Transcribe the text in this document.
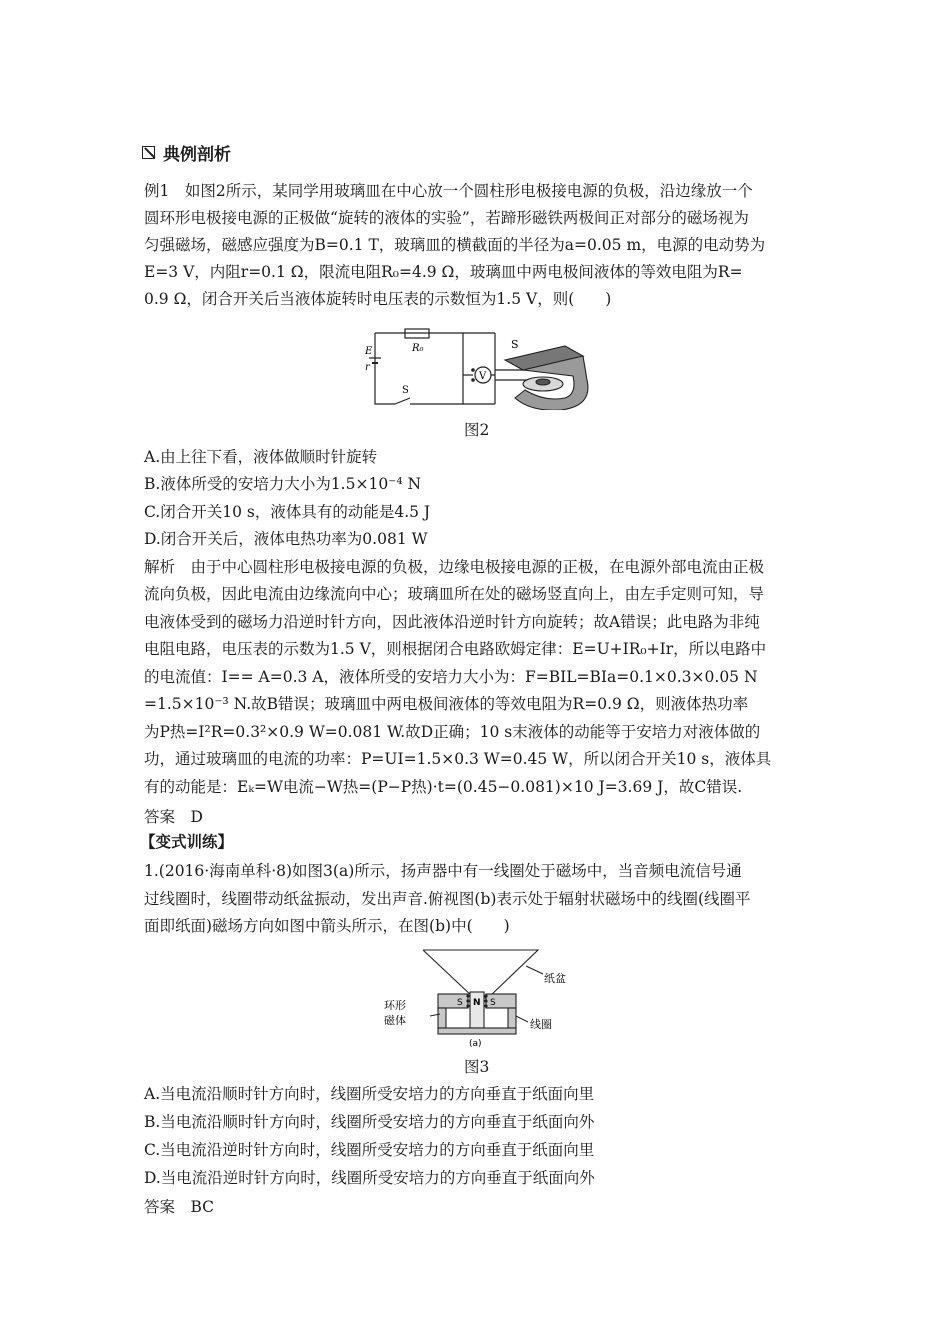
典例剖析
例1　如图2所示，某同学用玻璃皿在中心放一个圆柱形电极接电源的负极，沿边缘放一个
圆环形电极接电源的正极做“旋转的液体的实验”，若蹄形磁铁两极间正对部分的磁场视为
匀强磁场，磁感应强度为B=0.1 T，玻璃皿的横截面的半径为a=0.05 m，电源的电动势为
E=3 V，内阻r=0.1 Ω，限流电阻R₀=4.9 Ω，玻璃皿中两电极间液体的等效电阻为R=
0.9 Ω，闭合开关后当液体旋转时电压表的示数恒为1.5 V，则(　　)
E
r
R₀
V
S
S
图2
A.由上往下看，液体做顺时针旋转
B.液体所受的安培力大小为1.5×10⁻⁴ N
C.闭合开关10 s，液体具有的动能是4.5 J
D.闭合开关后，液体电热功率为0.081 W
解析　由于中心圆柱形电极接电源的负极，边缘电极接电源的正极，在电源外部电流由正极
流向负极，因此电流由边缘流向中心；玻璃皿所在处的磁场竖直向上，由左手定则可知，导
电液体受到的磁场力沿逆时针方向，因此液体沿逆时针方向旋转；故A错误；此电路为非纯
电阻电路，电压表的示数为1.5 V，则根据闭合电路欧姆定律：E=U+IR₀+Ir，所以电路中
的电流值：I== A=0.3 A，液体所受的安培力大小为：F=BIL=BIa=0.1×0.3×0.05 N
=1.5×10⁻³ N.故B错误；玻璃皿中两电极间液体的等效电阻为R=0.9 Ω，则液体热功率
为P热=I²R=0.3²×0.9 W=0.081 W.故D正确；10 s末液体的动能等于安培力对液体做的
功，通过玻璃皿的电流的功率：P=UI=1.5×0.3 W=0.45 W，所以闭合开关10 s，液体具
有的动能是：Eₖ=W电流−W热=(P−P热)·t=(0.45−0.081)×10 J=3.69 J，故C错误.
答案　D
【变式训练】
1.(2016·海南单科·8)如图3(a)所示，扬声器中有一线圈处于磁场中，当音频电流信号通
过线圈时，线圈带动纸盆振动，发出声音.俯视图(b)表示处于辐射状磁场中的线圈(线圈平
面即纸面)磁场方向如图中箭头所示，在图(b)中(　　)
S N S
纸盆
环形
磁体	线圈
(a)
图3
A.当电流沿顺时针方向时，线圈所受安培力的方向垂直于纸面向里
B.当电流沿顺时针方向时，线圈所受安培力的方向垂直于纸面向外
C.当电流沿逆时针方向时，线圈所受安培力的方向垂直于纸面向里
D.当电流沿逆时针方向时，线圈所受安培力的方向垂直于纸面向外
答案　BC
